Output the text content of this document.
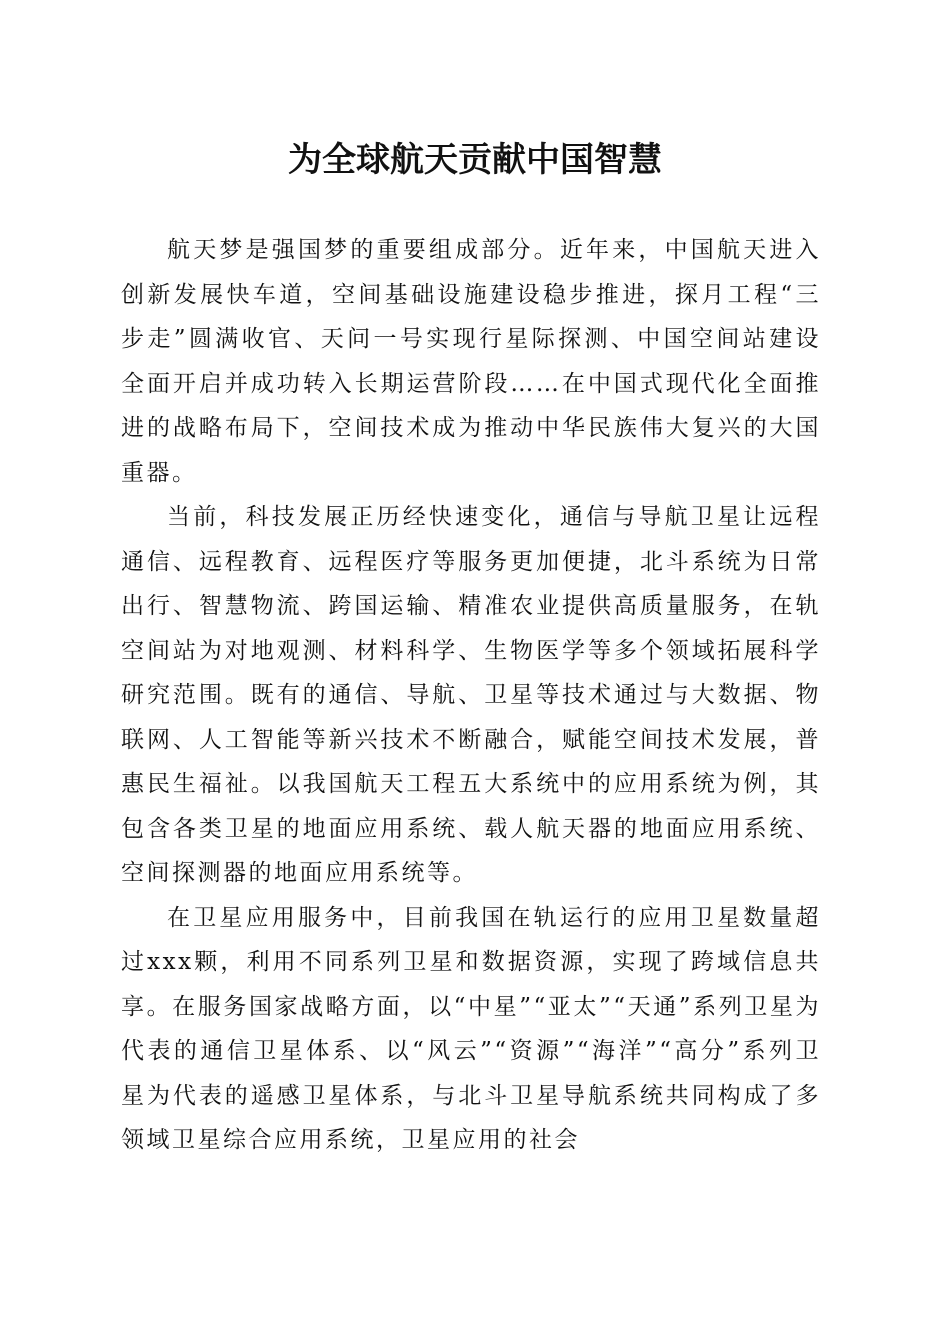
为全球航天贡献中国智慧

航天梦是强国梦的重要组成部分。近年来，中国航天进入创新发展快车道，空间基础设施建设稳步推进，探月工程“三步走”圆满收官、天问一号实现行星际探测、中国空间站建设全面开启并成功转入长期运营阶段……在中国式现代化全面推进的战略布局下，空间技术成为推动中华民族伟大复兴的大国重器。

当前，科技发展正历经快速变化，通信与导航卫星让远程通信、远程教育、远程医疗等服务更加便捷，北斗系统为日常出行、智慧物流、跨国运输、精准农业提供高质量服务，在轨空间站为对地观测、材料科学、生物医学等多个领域拓展科学研究范围。既有的通信、导航、卫星等技术通过与大数据、物联网、人工智能等新兴技术不断融合，赋能空间技术发展，普惠民生福祉。以我国航天工程五大系统中的应用系统为例，其包含各类卫星的地面应用系统、载人航天器的地面应用系统、空间探测器的地面应用系统等。

在卫星应用服务中，目前我国在轨运行的应用卫星数量超过xxx颗，利用不同系列卫星和数据资源，实现了跨域信息共享。在服务国家战略方面，以“中星”“亚太”“天通”系列卫星为代表的通信卫星体系、以“风云”“资源”“海洋”“高分”系列卫星为代表的遥感卫星体系，与北斗卫星导航系统共同构成了多领域卫星综合应用系统，卫星应用的社会
